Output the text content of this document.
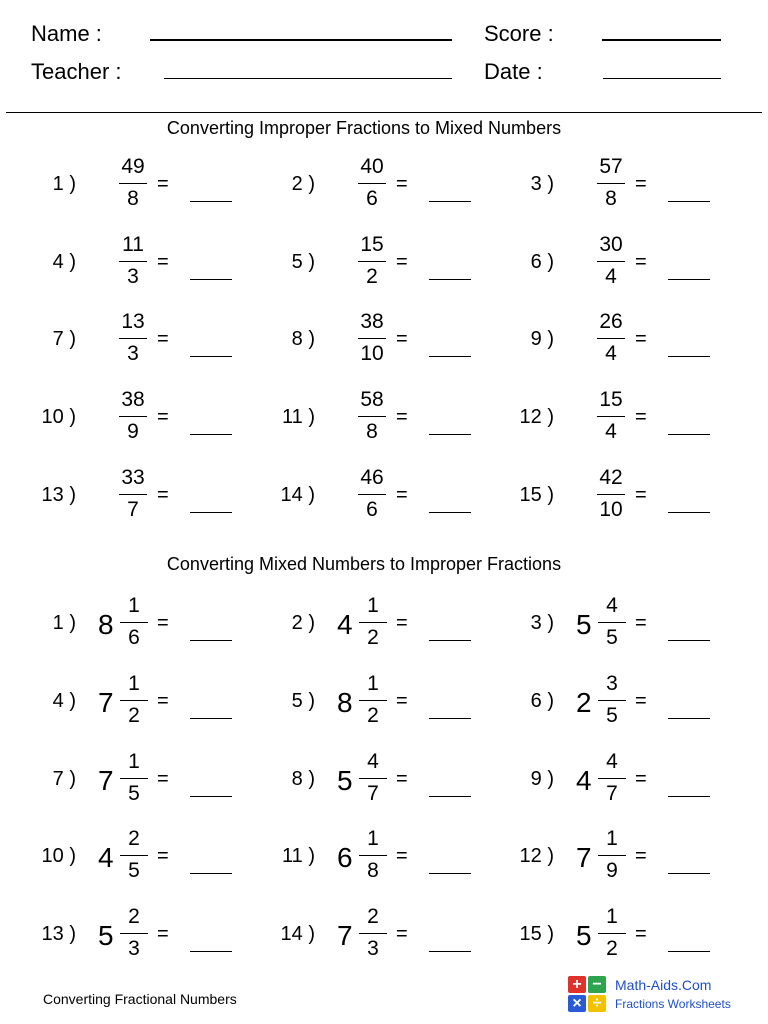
Name :
Teacher :
Score :
Date :
Converting Improper Fractions to Mixed Numbers
Converting Mixed Numbers to Improper Fractions
1 )
49
8
=	2 )
40
6
=	3 )
57
8
=
4 )
11
3
=	5 )
15
2
=	6 )
30
4
=
7 )
13
3
=	8 )
38
10
=	9 )
26
4
=
10 )
38
9
=	11 )
58
8
=	12 )
15
4
=
13 )
33
7
=	14 )
46
6
=	15 )
42
10
=
1 ) 8
1
6
=	2 ) 4
1
2
=	3 ) 5
4
5
=
4 ) 7
1
2
=	5 ) 8
1
2
=	6 ) 2
3
5
=
7 ) 7
1
5
=	8 ) 5
4
7
=	9 ) 4
4
7
=
10 ) 4
2
5
=	11 ) 6
1
8
=	12 ) 7
1
9
=
13 ) 5
2
3
=	14 ) 7
2
3
=	15 ) 5
1
2
=
Converting Fractional Numbers
+ −
× ÷
Math-Aids.Com
Fractions Worksheets
